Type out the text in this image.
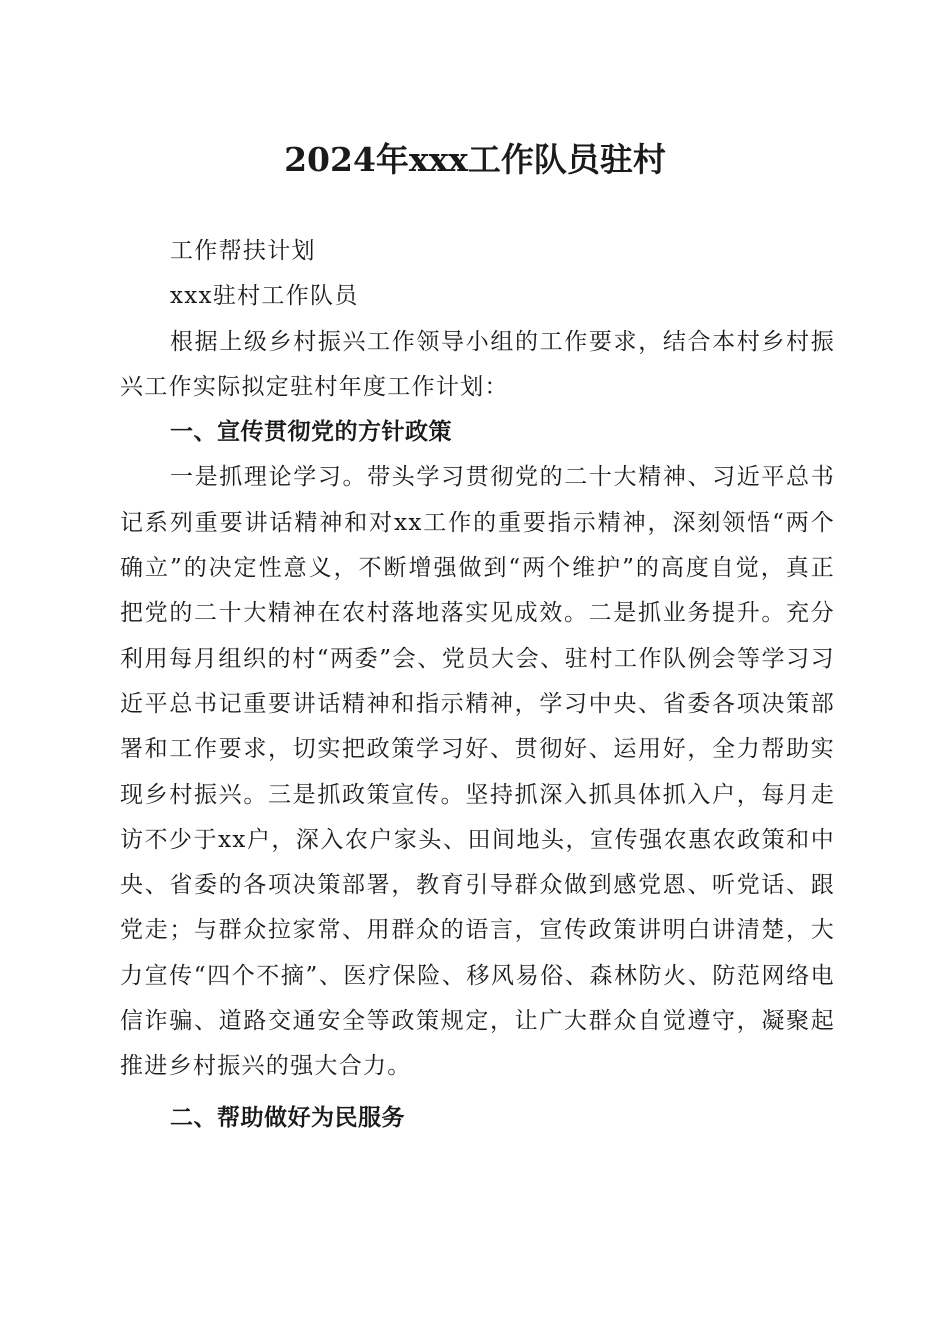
2024年xxx工作队员驻村

工作帮扶计划

xxx驻村工作队员

根据上级乡村振兴工作领导小组的工作要求，结合本村乡村振兴工作实际拟定驻村年度工作计划：

一、宣传贯彻党的方针政策

一是抓理论学习。带头学习贯彻党的二十大精神、习近平总书记系列重要讲话精神和对xx工作的重要指示精神，深刻领悟“两个确立”的决定性意义，不断增强做到“两个维护”的高度自觉，真正把党的二十大精神在农村落地落实见成效。二是抓业务提升。充分利用每月组织的村“两委”会、党员大会、驻村工作队例会等学习习近平总书记重要讲话精神和指示精神，学习中央、省委各项决策部署和工作要求，切实把政策学习好、贯彻好、运用好，全力帮助实现乡村振兴。三是抓政策宣传。坚持抓深入抓具体抓入户，每月走访不少于xx户，深入农户家头、田间地头，宣传强农惠农政策和中央、省委的各项决策部署，教育引导群众做到感党恩、听党话、跟党走；与群众拉家常、用群众的语言，宣传政策讲明白讲清楚，大力宣传“四个不摘”、医疗保险、移风易俗、森林防火、防范网络电信诈骗、道路交通安全等政策规定，让广大群众自觉遵守，凝聚起推进乡村振兴的强大合力。

二、帮助做好为民服务
